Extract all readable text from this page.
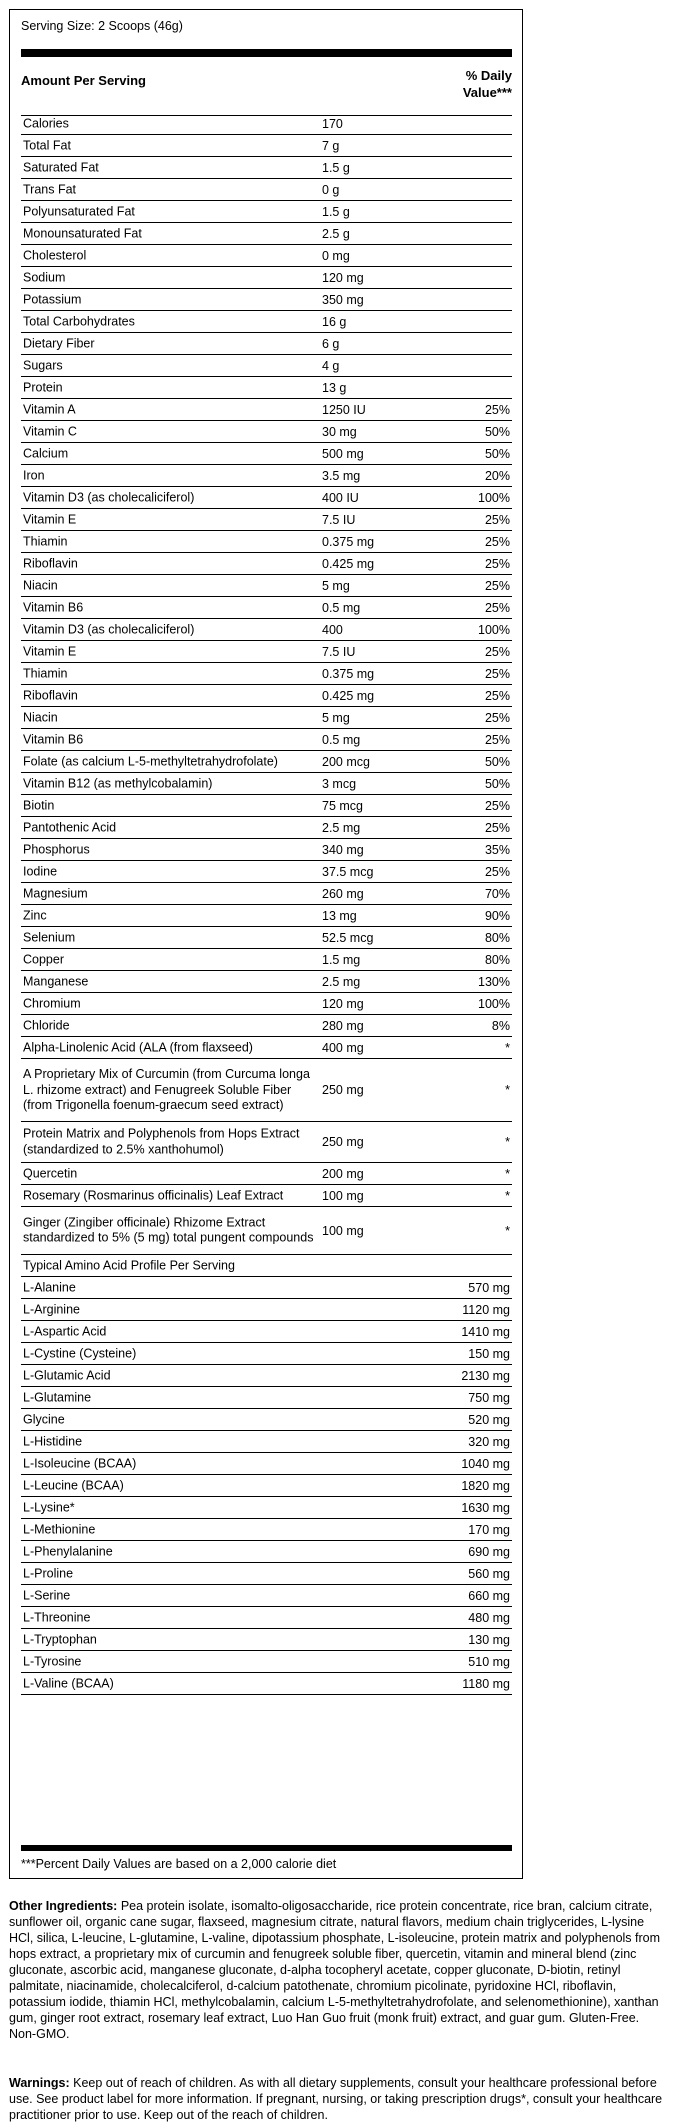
Serving Size: 2 Scoops (46g)
Amount Per Serving	% Daily
Value***
Calories	170
Total Fat	7 g
Saturated Fat	1.5 g
Trans Fat	0 g
Polyunsaturated Fat	1.5 g
Monounsaturated Fat	2.5 g
Cholesterol	0 mg
Sodium	120 mg
Potassium	350 mg
Total Carbohydrates	16 g
Dietary Fiber	6 g
Sugars	4 g
Protein	13 g
Vitamin A	1250 IU	25%
Vitamin C	30 mg	50%
Calcium	500 mg	50%
Iron	3.5 mg	20%
Vitamin D3 (as cholecaliciferol)	400 IU	100%
Vitamin E	7.5 IU	25%
Thiamin	0.375 mg	25%
Riboflavin	0.425 mg	25%
Niacin	5 mg	25%
Vitamin B6	0.5 mg	25%
Vitamin D3 (as cholecaliciferol)	400	100%
Vitamin E	7.5 IU	25%
Thiamin	0.375 mg	25%
Riboflavin	0.425 mg	25%
Niacin	5 mg	25%
Vitamin B6	0.5 mg	25%
Folate (as calcium L-5-methyltetrahydrofolate)	200 mcg	50%
Vitamin B12 (as methylcobalamin)	3 mcg	50%
Biotin	75 mcg	25%
Pantothenic Acid	2.5 mg	25%
Phosphorus	340 mg	35%
Iodine	37.5 mcg	25%
Magnesium	260 mg	70%
Zinc	13 mg	90%
Selenium	52.5 mcg	80%
Copper	1.5 mg	80%
Manganese	2.5 mg	130%
Chromium	120 mg	100%
Chloride	280 mg	8%
Alpha-Linolenic Acid (ALA (from flaxseed)	400 mg	*
A Proprietary Mix of Curcumin (from Curcuma longa L. rhizome extract) and Fenugreek Soluble Fiber (from Trigonella foenum-graecum seed extract)
250 mg	*
Protein Matrix and Polyphenols from Hops Extract (standardized to 2.5% xanthohumol)	250 mg	*
Quercetin	200 mg	*
Rosemary (Rosmarinus officinalis) Leaf Extract	100 mg	*
Ginger (Zingiber officinale) Rhizome Extract standardized to 5% (5 mg) total pungent compounds 100 mg	*
Typical Amino Acid Profile Per Serving
L-Alanine	570 mg
L-Arginine	1120 mg
L-Aspartic Acid	1410 mg
L-Cystine (Cysteine)	150 mg
L-Glutamic Acid	2130 mg
L-Glutamine	750 mg
Glycine	520 mg
L-Histidine	320 mg
L-Isoleucine (BCAA)	1040 mg
L-Leucine (BCAA)	1820 mg
L-Lysine*	1630 mg
L-Methionine	170 mg
L-Phenylalanine	690 mg
L-Proline	560 mg
L-Serine	660 mg
L-Threonine	480 mg
L-Tryptophan	130 mg
L-Tyrosine	510 mg
L-Valine (BCAA)	1180 mg
***Percent Daily Values are based on a 2,000 calorie diet
Other Ingredients: Pea protein isolate, isomalto-oligosaccharide, rice protein concentrate, rice bran, calcium citrate, sunflower oil, organic cane sugar, flaxseed, magnesium citrate, natural flavors, medium chain triglycerides, L-lysine HCl, silica, L-leucine, L-glutamine, L-valine, dipotassium phosphate, L-isoleucine, protein matrix and polyphenols from hops extract, a proprietary mix of curcumin and fenugreek soluble fiber, quercetin, vitamin and mineral blend (zinc gluconate, ascorbic acid, manganese gluconate, d-alpha tocopheryl acetate, copper gluconate, D-biotin, retinyl palmitate, niacinamide, cholecalciferol, d-calcium patothenate, chromium picolinate, pyridoxine HCl, riboflavin, potassium iodide, thiamin HCl, methylcobalamin, calcium L-5-methyltetrahydrofolate, and selenomethionine), xanthan gum, ginger root extract, rosemary leaf extract, Luo Han Guo fruit (monk fruit) extract, and guar gum. Gluten-Free. Non-GMO.
Warnings: Keep out of reach of children. As with all dietary supplements, consult your healthcare professional before use. See product label for more information. If pregnant, nursing, or taking prescription drugs*, consult your healthcare practitioner prior to use. Keep out of the reach of children.
